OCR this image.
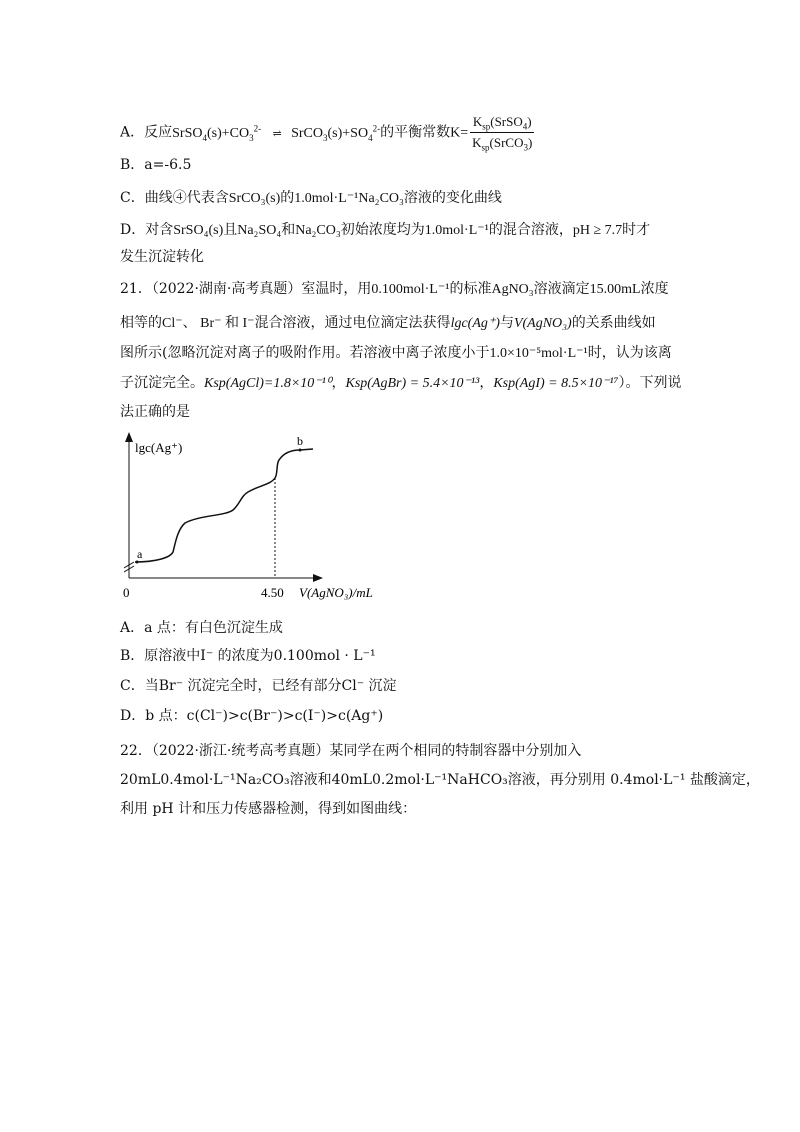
A．反应$SrSO_4(s)+CO_3^{2-}$ ⇌ $SrCO_3(s)+SO_4^{2-}$的平衡常数$K= \frac{K_{sp}(SrSO_4)}{K_{sp}(SrCO_3)}$
B．a=-6.5
C．曲线④代表含SrCO₃(s)的1.0mol·L⁻¹Na₂CO₃溶液的变化曲线
D．对含SrSO₄(s)且Na₂SO₄和Na₂CO₃初始浓度均为1.0mol·L⁻¹的混合溶液，pH ≥ 7.7时才
发生沉淀转化
21．（2022·湖南·高考真题）室温时，用0.100mol·L⁻¹的标准AgNO₃溶液滴定15.00mL浓度
相等的Cl⁻、 Br⁻ 和 I⁻混合溶液，通过电位滴定法获得lgc(Ag⁺)与V(AgNO₃)的关系曲线如
图所示(忽略沉淀对离子的吸附作用。若溶液中离子浓度小于1.0×10⁻⁵mol·L⁻¹时，认为该离
子沉淀完全。Ksp(AgCl)=1.8×10⁻¹⁰，Ksp(AgBr) = 5.4×10⁻¹³，Ksp(AgI) = 8.5×10⁻¹⁷）。下列说
法正确的是
lgc(Ag⁺)
a
b
0	4.50 V(AgNO₃)/mL
A．a 点：有白色沉淀生成
B．原溶液中I⁻ 的浓度为0.100mol · L⁻¹
C．当Br⁻ 沉淀完全时，已经有部分Cl⁻ 沉淀
D．b 点：c(Cl⁻)>c(Br⁻)>c(I⁻)>c(Ag⁺)
22．（2022·浙江·统考高考真题）某同学在两个相同的特制容器中分别加入
20mL0.4mol·L⁻¹Na₂CO₃溶液和40mL0.2mol·L⁻¹NaHCO₃溶液，再分别用 0.4mol·L⁻¹ 盐酸滴定，
利用 pH 计和压力传感器检测，得到如图曲线：
